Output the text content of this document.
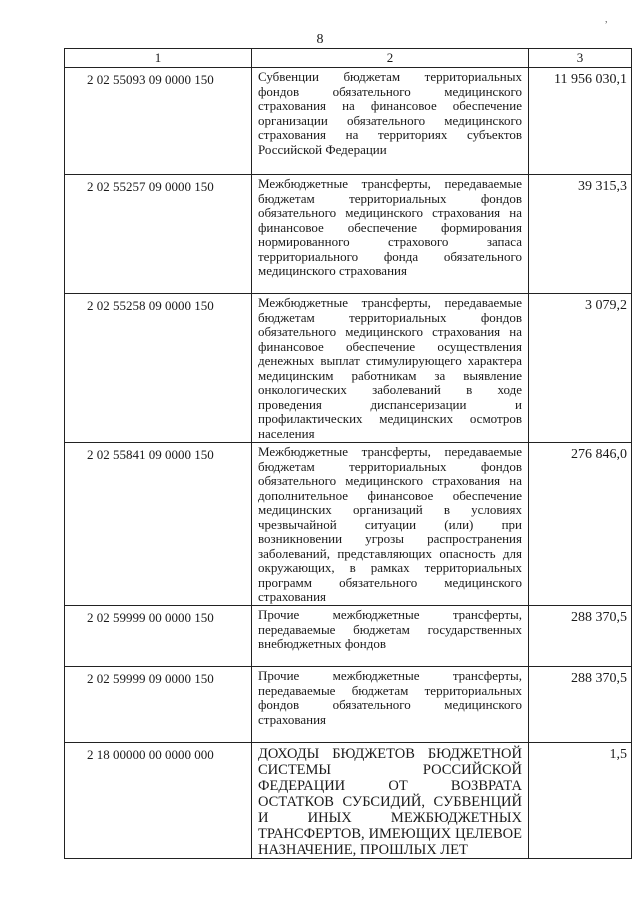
,
8
1	2	3
2 02 55093 09 0000 150	Субвенции бюджетам территориальных фондов обязательного медицинского страхования на финансовое обеспечение организации обязательного медицинского страхования на территориях субъектов Российской Федерации	11 956 030,1
2 02 55257 09 0000 150	Межбюджетные трансферты, передаваемые бюджетам территориальных фондов обязательного медицинского страхования на финансовое обеспечение формирования нормированного страхового запаса территориального фонда обязательного медицинского страхования	39 315,3
2 02 55258 09 0000 150	Межбюджетные трансферты, передаваемые бюджетам территориальных фондов обязательного медицинского страхования на финансовое обеспечение осуществления денежных выплат стимулирующего характера медицинским работникам за выявление онкологических заболеваний в ходе проведения диспансеризации и профилактических медицинских осмотров населения	3 079,2
2 02 55841 09 0000 150	Межбюджетные трансферты, передаваемые бюджетам территориальных фондов обязательного медицинского страхования на дополнительное финансовое обеспечение медицинских организаций в условиях чрезвычайной ситуации (или) при возникновении угрозы распространения заболеваний, представляющих опасность для окружающих, в рамках территориальных программ обязательного медицинского страхования	276 846,0
2 02 59999 00 0000 150	Прочие межбюджетные трансферты, передаваемые бюджетам государственных внебюджетных фондов	288 370,5
2 02 59999 09 0000 150	Прочие межбюджетные трансферты, передаваемые бюджетам территориальных фондов обязательного медицинского страхования	288 370,5
2 18 00000 00 0000 000	ДОХОДЫ БЮДЖЕТОВ БЮДЖЕТНОЙ СИСТЕМЫ РОССИЙСКОЙ ФЕДЕРАЦИИ ОТ ВОЗВРАТА ОСТАТКОВ СУБСИДИЙ, СУБВЕНЦИЙ И ИНЫХ МЕЖБЮДЖЕТНЫХ ТРАНСФЕРТОВ, ИМЕЮЩИХ ЦЕЛЕВОЕ НАЗНАЧЕНИЕ, ПРОШЛЫХ ЛЕТ	1,5
